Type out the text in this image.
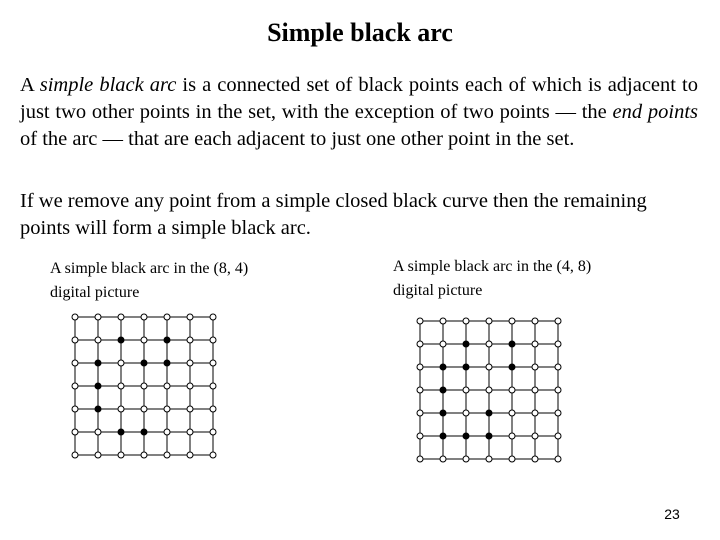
Simple black arc

A simple black arc is a connected set of black points each of which is adjacent to just two other points in the set, with the exception of two points — the end points of the arc — that are each adjacent to just one other point in the set.

If we remove any point from a simple closed black curve then the remaining points will form a simple black arc.

A simple black arc in the (8, 4)
digital picture

A simple black arc in the (4, 8)
digital picture

23
